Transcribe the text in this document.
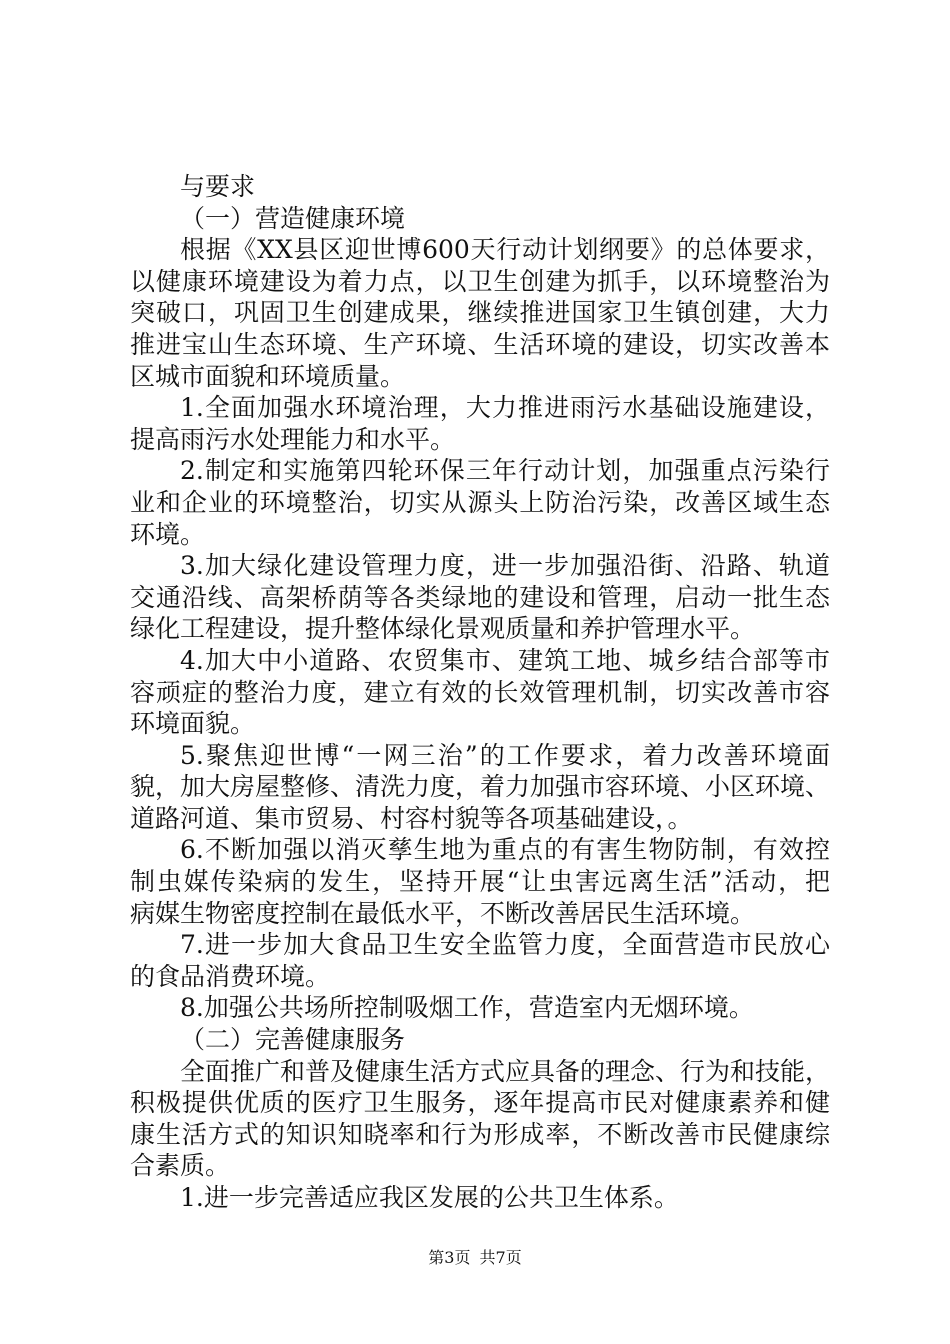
与要求
（一）营造健康环境
根据《XX县区迎世博600天行动计划纲要》的总体要求，
以健康环境建设为着力点，以卫生创建为抓手，以环境整治为
突破口，巩固卫生创建成果，继续推进国家卫生镇创建，大力
推进宝山生态环境、生产环境、生活环境的建设，切实改善本
区城市面貌和环境质量。
1.全面加强水环境治理，大力推进雨污水基础设施建设，
提高雨污水处理能力和水平。
2.制定和实施第四轮环保三年行动计划，加强重点污染行
业和企业的环境整治，切实从源头上防治污染，改善区域生态
环境。
3.加大绿化建设管理力度，进一步加强沿街、沿路、轨道
交通沿线、高架桥荫等各类绿地的建设和管理，启动一批生态
绿化工程建设，提升整体绿化景观质量和养护管理水平。
4.加大中小道路、农贸集市、建筑工地、城乡结合部等市
容顽症的整治力度，建立有效的长效管理机制，切实改善市容
环境面貌。
5.聚焦迎世博“一网三治”的工作要求，着力改善环境面
貌，加大房屋整修、清洗力度，着力加强市容环境、小区环境、
道路河道、集市贸易、村容村貌等各项基础建设，。
6.不断加强以消灭孳生地为重点的有害生物防制，有效控
制虫媒传染病的发生，坚持开展“让虫害远离生活”活动，把
病媒生物密度控制在最低水平，不断改善居民生活环境。
7.进一步加大食品卫生安全监管力度，全面营造市民放心
的食品消费环境。
8.加强公共场所控制吸烟工作，营造室内无烟环境。
（二）完善健康服务
全面推广和普及健康生活方式应具备的理念、行为和技能，
积极提供优质的医疗卫生服务，逐年提高市民对健康素养和健
康生活方式的知识知晓率和行为形成率，不断改善市民健康综
合素质。
1.进一步完善适应我区发展的公共卫生体系。
第3页 共7页
